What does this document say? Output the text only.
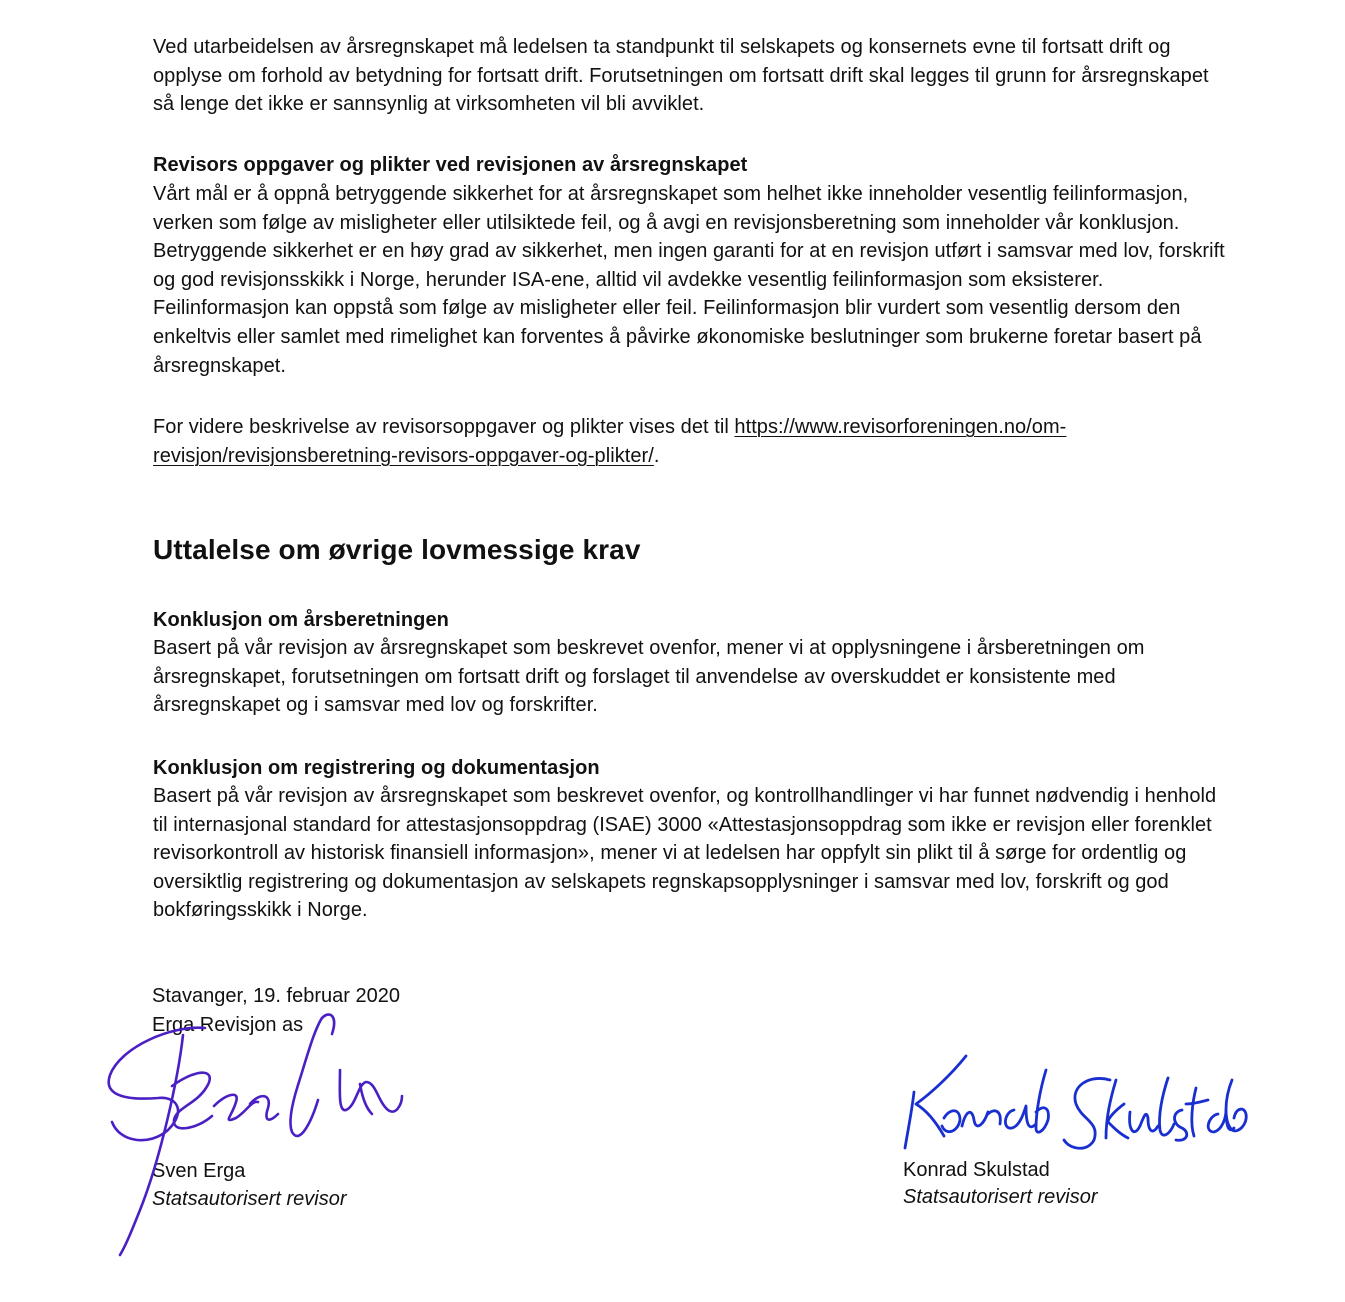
Ved utarbeidelsen av årsregnskapet må ledelsen ta standpunkt til selskapets og konsernets evne til fortsatt drift og opplyse om forhold av betydning for fortsatt drift. Forutsetningen om fortsatt drift skal legges til grunn for årsregnskapet så lenge det ikke er sannsynlig at virksomheten vil bli avviklet.

Revisors oppgaver og plikter ved revisjonen av årsregnskapet

Vårt mål er å oppnå betryggende sikkerhet for at årsregnskapet som helhet ikke inneholder vesentlig feilinformasjon, verken som følge av misligheter eller utilsiktede feil, og å avgi en revisjonsberetning som inneholder vår konklusjon. Betryggende sikkerhet er en høy grad av sikkerhet, men ingen garanti for at en revisjon utført i samsvar med lov, forskrift og god revisjonsskikk i Norge, herunder ISA-ene, alltid vil avdekke vesentlig feilinformasjon som eksisterer. Feilinformasjon kan oppstå som følge av misligheter eller feil. Feilinformasjon blir vurdert som vesentlig dersom den enkeltvis eller samlet med rimelighet kan forventes å påvirke økonomiske beslutninger som brukerne foretar basert på årsregnskapet.

For videre beskrivelse av revisorsoppgaver og plikter vises det til https://www.revisorforeningen.no/om-revisjon/revisjonsberetning-revisors-oppgaver-og-plikter/.

Uttalelse om øvrige lovmessige krav

Konklusjon om årsberetningen

Basert på vår revisjon av årsregnskapet som beskrevet ovenfor, mener vi at opplysningene i årsberetningen om årsregnskapet, forutsetningen om fortsatt drift og forslaget til anvendelse av overskuddet er konsistente med årsregnskapet og i samsvar med lov og forskrifter.

Konklusjon om registrering og dokumentasjon

Basert på vår revisjon av årsregnskapet som beskrevet ovenfor, og kontrollhandlinger vi har funnet nødvendig i henhold til internasjonal standard for attestasjonsoppdrag (ISAE) 3000 «Attestasjonsoppdrag som ikke er revisjon eller forenklet revisorkontroll av historisk finansiell informasjon», mener vi at ledelsen har oppfylt sin plikt til å sørge for ordentlig og oversiktlig registrering og dokumentasjon av selskapets regnskapsopplysninger i samsvar med lov, forskrift og god bokføringsskikk i Norge.

Stavanger, 19. februar 2020

Erga Revisjon as

Sven Erga

Statsautorisert revisor

Konrad Skulstad

Statsautorisert revisor
